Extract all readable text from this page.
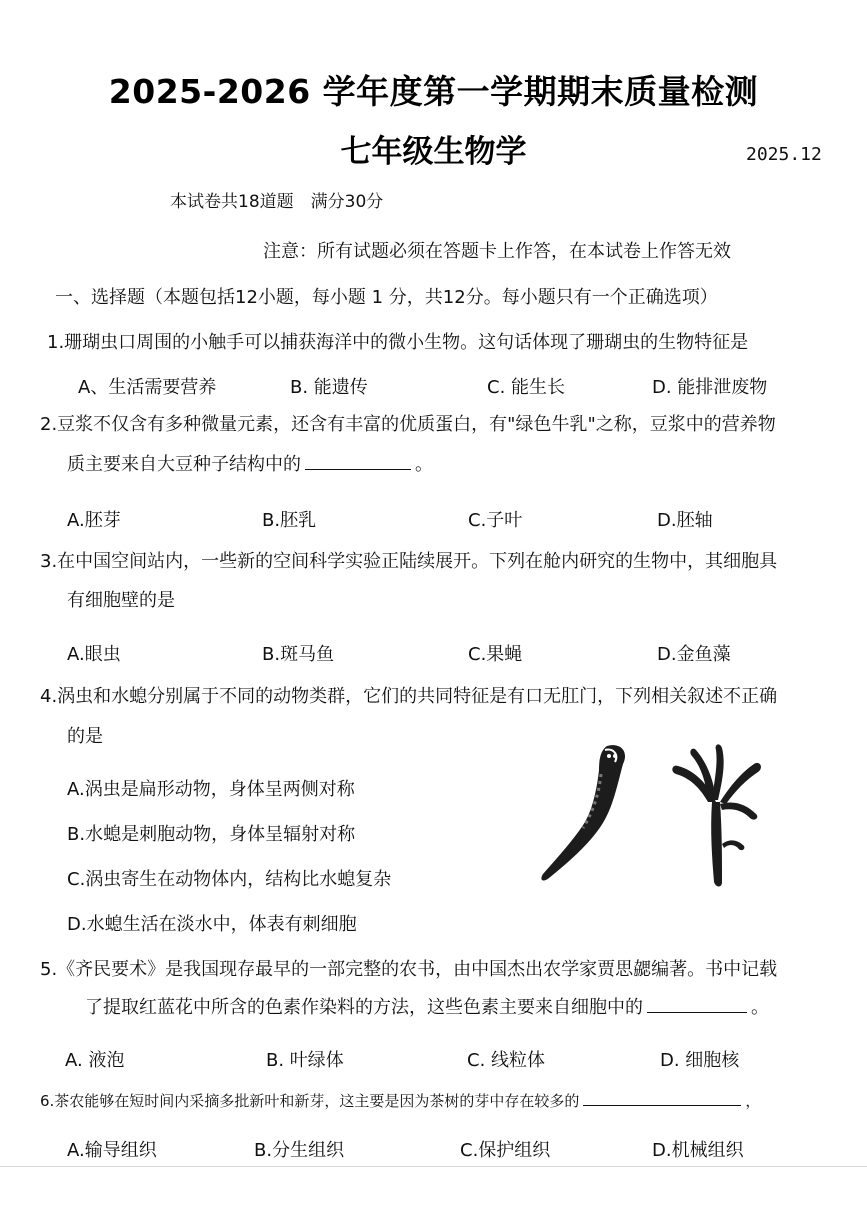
2025-2026 学年度第一学期期末质量检测
七年级生物学	2025.12
本试卷共18道题　满分30分
注意：所有试题必须在答题卡上作答，在本试卷上作答无效
一、选择题（本题包括12小题，每小题 1 分，共12分。每小题只有一个正确选项）
1.珊瑚虫口周围的小触手可以捕获海洋中的微小生物。这句话体现了珊瑚虫的生物特征是
A、生活需要营养	B. 能遗传	C. 能生长	D. 能排泄废物
2.豆浆不仅含有多种微量元素，还含有丰富的优质蛋白，有"绿色牛乳"之称，豆浆中的营养物
质主要来自大豆种子结构中的	。
A.胚芽	B.胚乳	C.子叶	D.胚轴
3.在中国空间站内，一些新的空间科学实验正陆续展开。下列在舱内研究的生物中，其细胞具
有细胞壁的是
A.眼虫	B.斑马鱼	C.果蝇	D.金鱼藻
4.涡虫和水螅分别属于不同的动物类群，它们的共同特征是有口无肛门，下列相关叙述不正确
的是
A.涡虫是扁形动物，身体呈两侧对称
B.水螅是刺胞动物，身体呈辐射对称
C.涡虫寄生在动物体内，结构比水螅复杂
D.水螅生活在淡水中，体表有刺细胞
5.《齐民要术》是我国现存最早的一部完整的农书，由中国杰出农学家贾思勰编著。书中记载
了提取红蓝花中所含的色素作染料的方法，这些色素主要来自细胞中的	。
A. 液泡	B. 叶绿体	C. 线粒体	D. 细胞核
6.茶农能够在短时间内采摘多批新叶和新芽，这主要是因为茶树的芽中存在较多的	，
A.输导组织	B.分生组织	C.保护组织	D.机械组织
